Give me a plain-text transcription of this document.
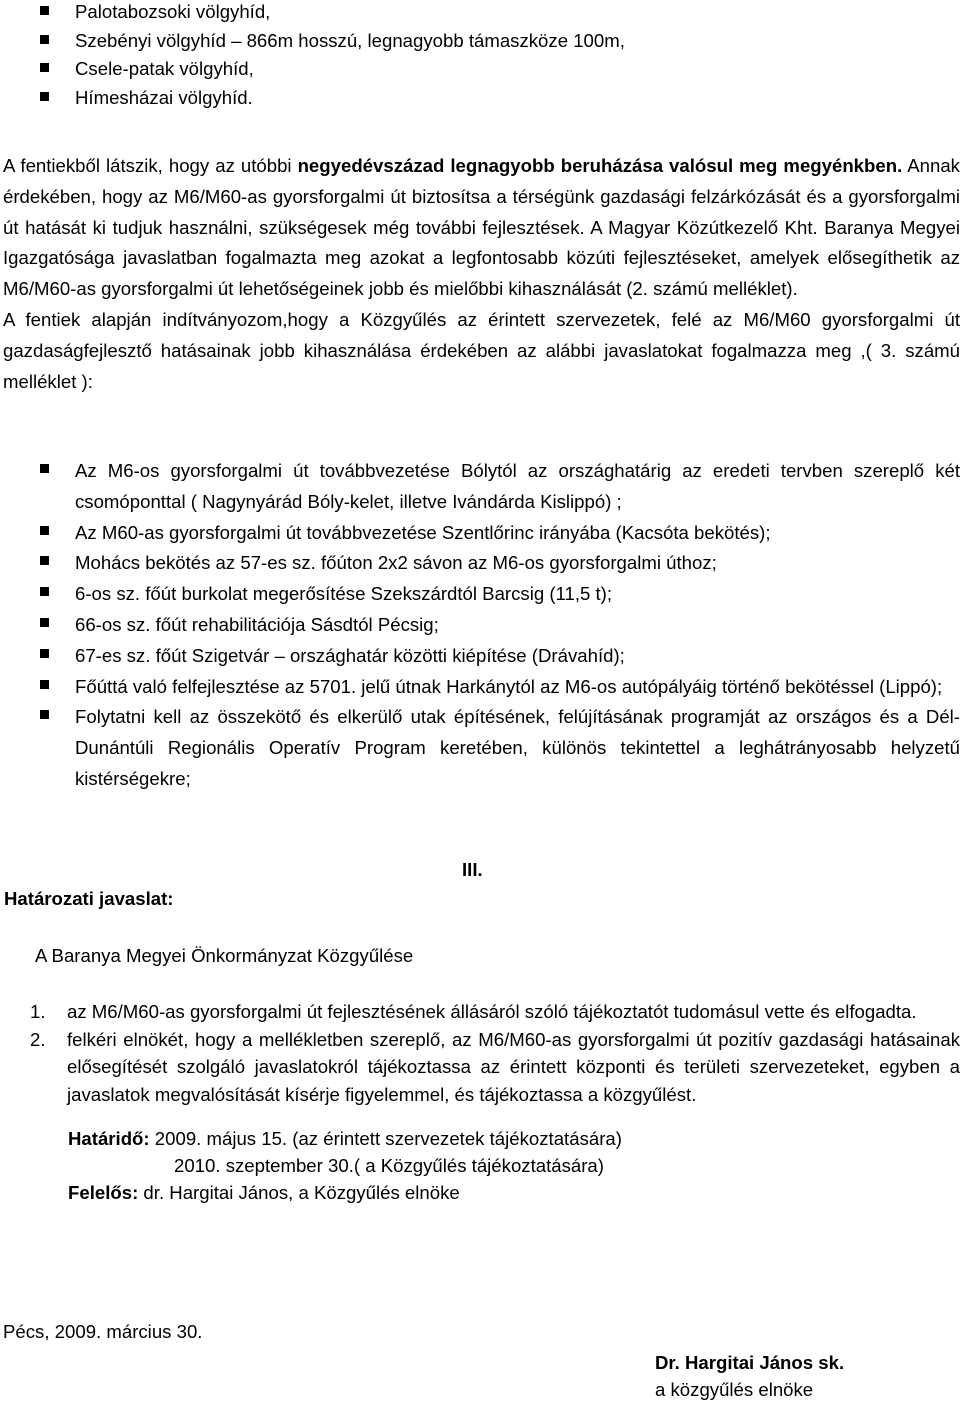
Palotabozsoki völgyhíd,
Szebényi völgyhíd – 866m hosszú, legnagyobb támaszköze 100m,
Csele-patak völgyhíd,
Hímesházai völgyhíd.
A fentiekből látszik, hogy az utóbbi negyedévszázad legnagyobb beruházása valósul meg megyénkben. Annak érdekében, hogy az M6/M60-as gyorsforgalmi út biztosítsa a térségünk gazdasági felzárkózását és a gyorsforgalmi út hatását ki tudjuk használni, szükségesek még további fejlesztések. A Magyar Közútkezelő Kht. Baranya Megyei Igazgatósága javaslatban fogalmazta meg azokat a legfontosabb közúti fejlesztéseket, amelyek elősegíthetik az M6/M60-as gyorsforgalmi út lehetőségeinek jobb és mielőbbi kihasználását (2. számú melléklet).
A fentiek alapján indítványozom,hogy a Közgyűlés az érintett szervezetek, felé az M6/M60 gyorsforgalmi út gazdaságfejlesztő hatásainak jobb kihasználása érdekében az alábbi javaslatokat fogalmazza meg ,( 3. számú melléklet ):
Az M6-os gyorsforgalmi út továbbvezetése Bólytól az országhatárig az eredeti tervben szereplő két csomóponttal ( Nagynyárád Bóly-kelet, illetve Ivándárda Kislippó) ;
Az M60-as gyorsforgalmi út továbbvezetése Szentlőrinc irányába (Kacsóta bekötés);
Mohács bekötés az 57-es sz. főúton 2x2 sávon az M6-os gyorsforgalmi úthoz;
6-os sz. főút burkolat megerősítése Szekszárdtól Barcsig (11,5 t);
66-os sz. főút rehabilitációja Sásdtól Pécsig;
67-es sz. főút Szigetvár – országhatár közötti kiépítése (Drávahíd);
Főúttá való felfejlesztése az 5701. jelű útnak Harkánytól az M6-os autópályáig történő bekötéssel (Lippó);
Folytatni kell az összekötő és elkerülő utak építésének, felújításának programját az országos és a Dél-Dunántúli Regionális Operatív Program keretében, különös tekintettel a leghátrányosabb helyzetű kistérségekre;
III.
Határozati javaslat:
A Baranya Megyei Önkormányzat Közgyűlése
1. az M6/M60-as gyorsforgalmi út fejlesztésének állásáról szóló tájékoztatót tudomásul vette és elfogadta.
2. felkéri elnökét, hogy a mellékletben szereplő, az M6/M60-as gyorsforgalmi út pozitív gazdasági hatásainak elősegítését szolgáló javaslatokról tájékoztassa az érintett központi és területi szervezeteket, egyben a javaslatok megvalósítását kísérje figyelemmel, és tájékoztassa a közgyűlést.
Határidő: 2009. május 15. (az érintett szervezetek tájékoztatására)
2010. szeptember 30.( a Közgyűlés tájékoztatására)
Felelős: dr. Hargitai János, a Közgyűlés elnöke
Pécs, 2009. március 30.
Dr. Hargitai János sk.
a közgyűlés elnöke
